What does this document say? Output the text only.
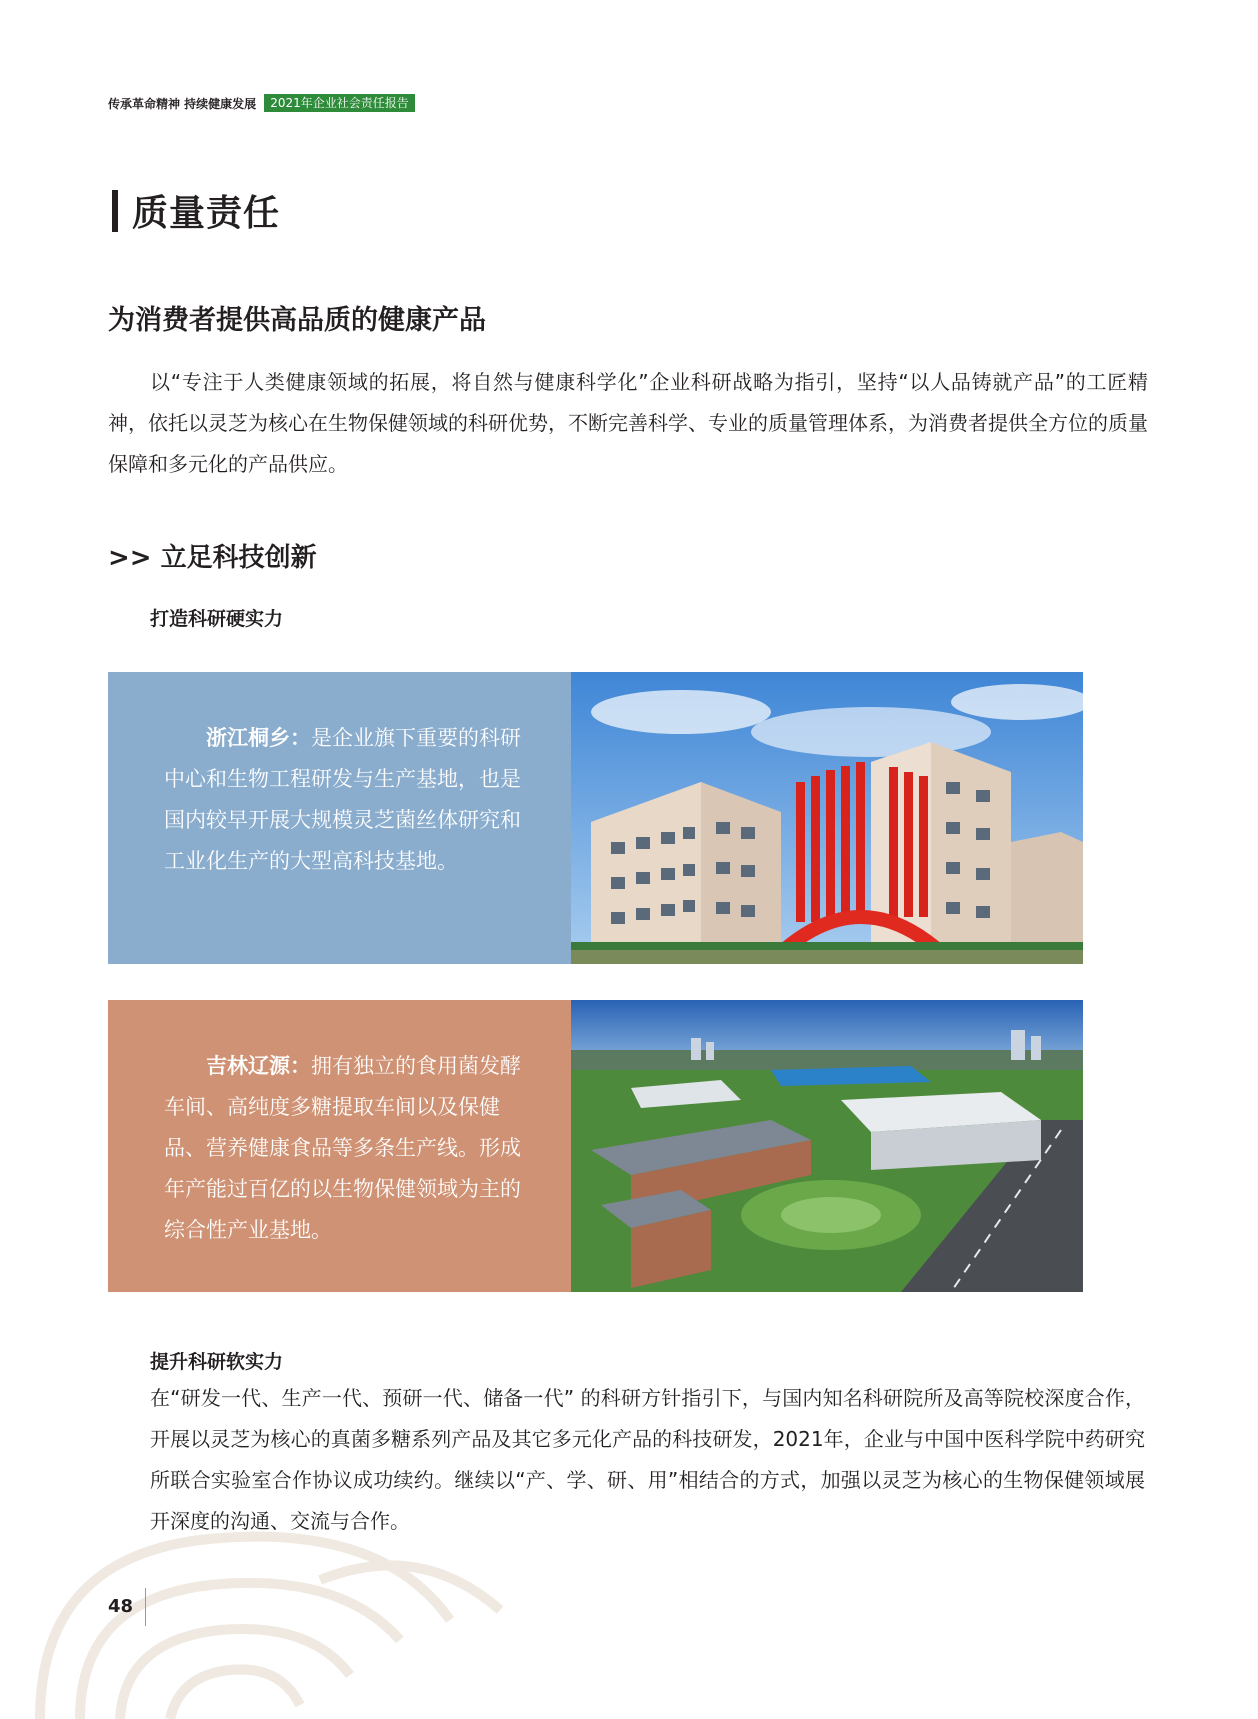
传承革命精神 持续健康发展	2021年企业社会责任报告
质量责任
为消费者提供高品质的健康产品

以“专注于人类健康领域的拓展，将自然与健康科学化”企业科研战略为指引，坚持“以人品铸就产品”的工匠精神，依托以灵芝为核心在生物保健领域的科研优势，不断完善科学、专业的质量管理体系，为消费者提供全方位的质量保障和多元化的产品供应。

>> 立足科技创新
打造科研硬实力
浙江桐乡：是企业旗下重要的科研中心和生物工程研发与生产基地，也是国内较早开展大规模灵芝菌丝体研究和工业化生产的大型高科技基地。
吉林辽源：拥有独立的食用菌发酵车间、高纯度多糖提取车间以及保健品、营养健康食品等多条生产线。形成年产能过百亿的以生物保健领域为主的综合性产业基地。
提升科研软实力

在“研发一代、生产一代、预研一代、储备一代” 的科研方针指引下，与国内知名科研院所及高等院校深度合作，开展以灵芝为核心的真菌多糖系列产品及其它多元化产品的科技研发，2021年，企业与中国中医科学院中药研究所联合实验室合作协议成功续约。继续以“产、学、研、用”相结合的方式，加强以灵芝为核心的生物保健领域展开深度的沟通、交流与合作。

48
